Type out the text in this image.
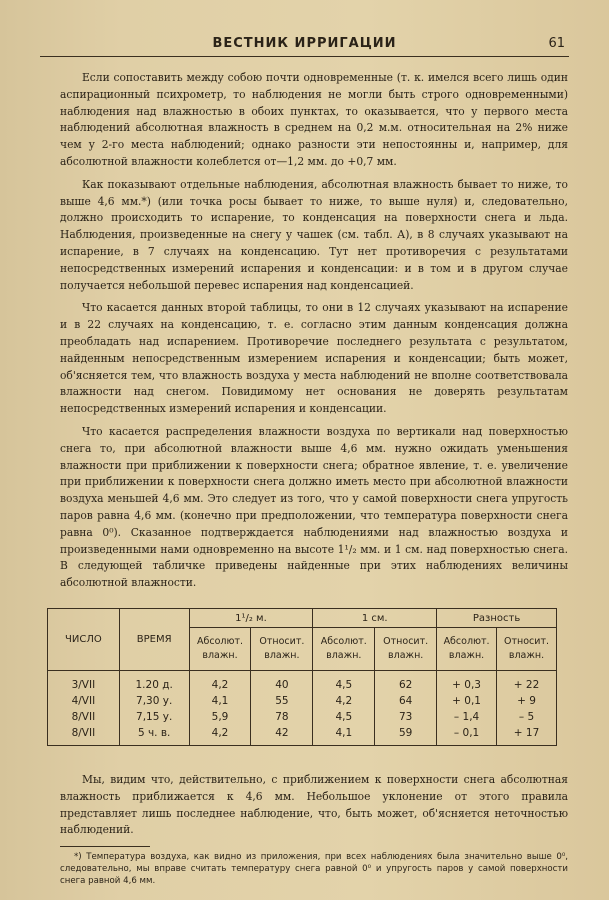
ВЕСТНИК ИРРИГАЦИИ	61

Если сопоставить между собою почти одновременные (т. к. имелся всего лишь один аспирационный психрометр, то наблюдения не могли быть строго одновременными) наблюдения над влажностью в обоих пунктах, то оказывается, что у первого места наблюдений абсолютная влажность в среднем на 0,2 м.м. относительная на 2% ниже чем у 2-го места наблюдений; однако разности эти непостоянны и, например, для абсолютной влажности колеблется от—1,2 мм. до +0,7 мм.

Как показывают отдельные наблюдения, абсолютная влажность бывает то ниже, то выше 4,6 мм.*) (или точка росы бывает то ниже, то выше нуля) и, следовательно, должно происходить то испарение, то конденсация на поверхности снега и льда. Наблюдения, произведенные на снегу у чашек (см. табл. А), в 8 случаях указывают на испарение, в 7 случаях на конденсацию. Тут нет противоречия с результатами непосредственных измерений испарения и конденсации: и в том и в другом случае получается небольшой перевес испарения над конденсацией.

Что касается данных второй таблицы, то они в 12 случаях указывают на испарение и в 22 случаях на конденсацию, т. е. согласно этим данным конденсация должна преобладать над испарением. Противоречие последнего результата с результатом, найденным непосредственным измерением испарения и конденсации; быть может, об'ясняется тем, что влажность воздуха у места наблюдений не вполне соответствовала влажности над снегом. Повидимому нет основания не доверять результатам непосредственных измерений испарения и конденсации.

Что касается распределения влажности воздуха по вертикали над поверхностью снега то, при абсолютной влажности выше 4,6 мм. нужно ожидать уменьшения влажности при приближении к поверхности снега; обратное явление, т. е. увеличение при приближении к поверхности снега должно иметь место при абсолютной влажности воздуха меньшей 4,6 мм. Это следует из того, что у самой поверхности снега упругость паров равна 4,6 мм. (конечно при предположении, что температура поверхности снега равна 0⁰). Сказанное подтверждается наблюдениями над влажностью воздуха и произведенными нами одновременно на высоте 1¹/₂ мм. и 1 см. над поверхностью снега. В следующей табличке приведены найденные при этих наблюдениях величины абсолютной влажности.

ЧИСЛО	ВРЕМЯ	1¹/₂ м.		1 см.		Разность	
		Абсолют. влажн.	Относит. влажн.	Абсолют. влажн.	Относит. влажн.	Абсолют. влажн.	Относит. влажн.
3/VII	1.20 д.	4,2	40	4,5	62	+ 0,3	+ 22
4/VII	7,30 у.	4,1	55	4,2	64	+ 0,1	+ 9
8/VII	7,15 у.	5,9	78	4,5	73	– 1,4	– 5
8/VII	5 ч. в.	4,2	42	4,1	59	– 0,1	+ 17

Мы, видим что, действительно, с приближением к поверхности снега абсолютная влажность приближается к 4,6 мм. Небольшое уклонение от этого правила представляет лишь последнее наблюдение, что, быть может, об'ясняется неточностью наблюдений.

*) Температура воздуха, как видно из приложения, при всех наблюдениях была значительно выше 0⁰, следовательно, мы вправе считать температуру снега равной 0⁰ и упругость паров у самой поверхности снега равной 4,6 мм.
